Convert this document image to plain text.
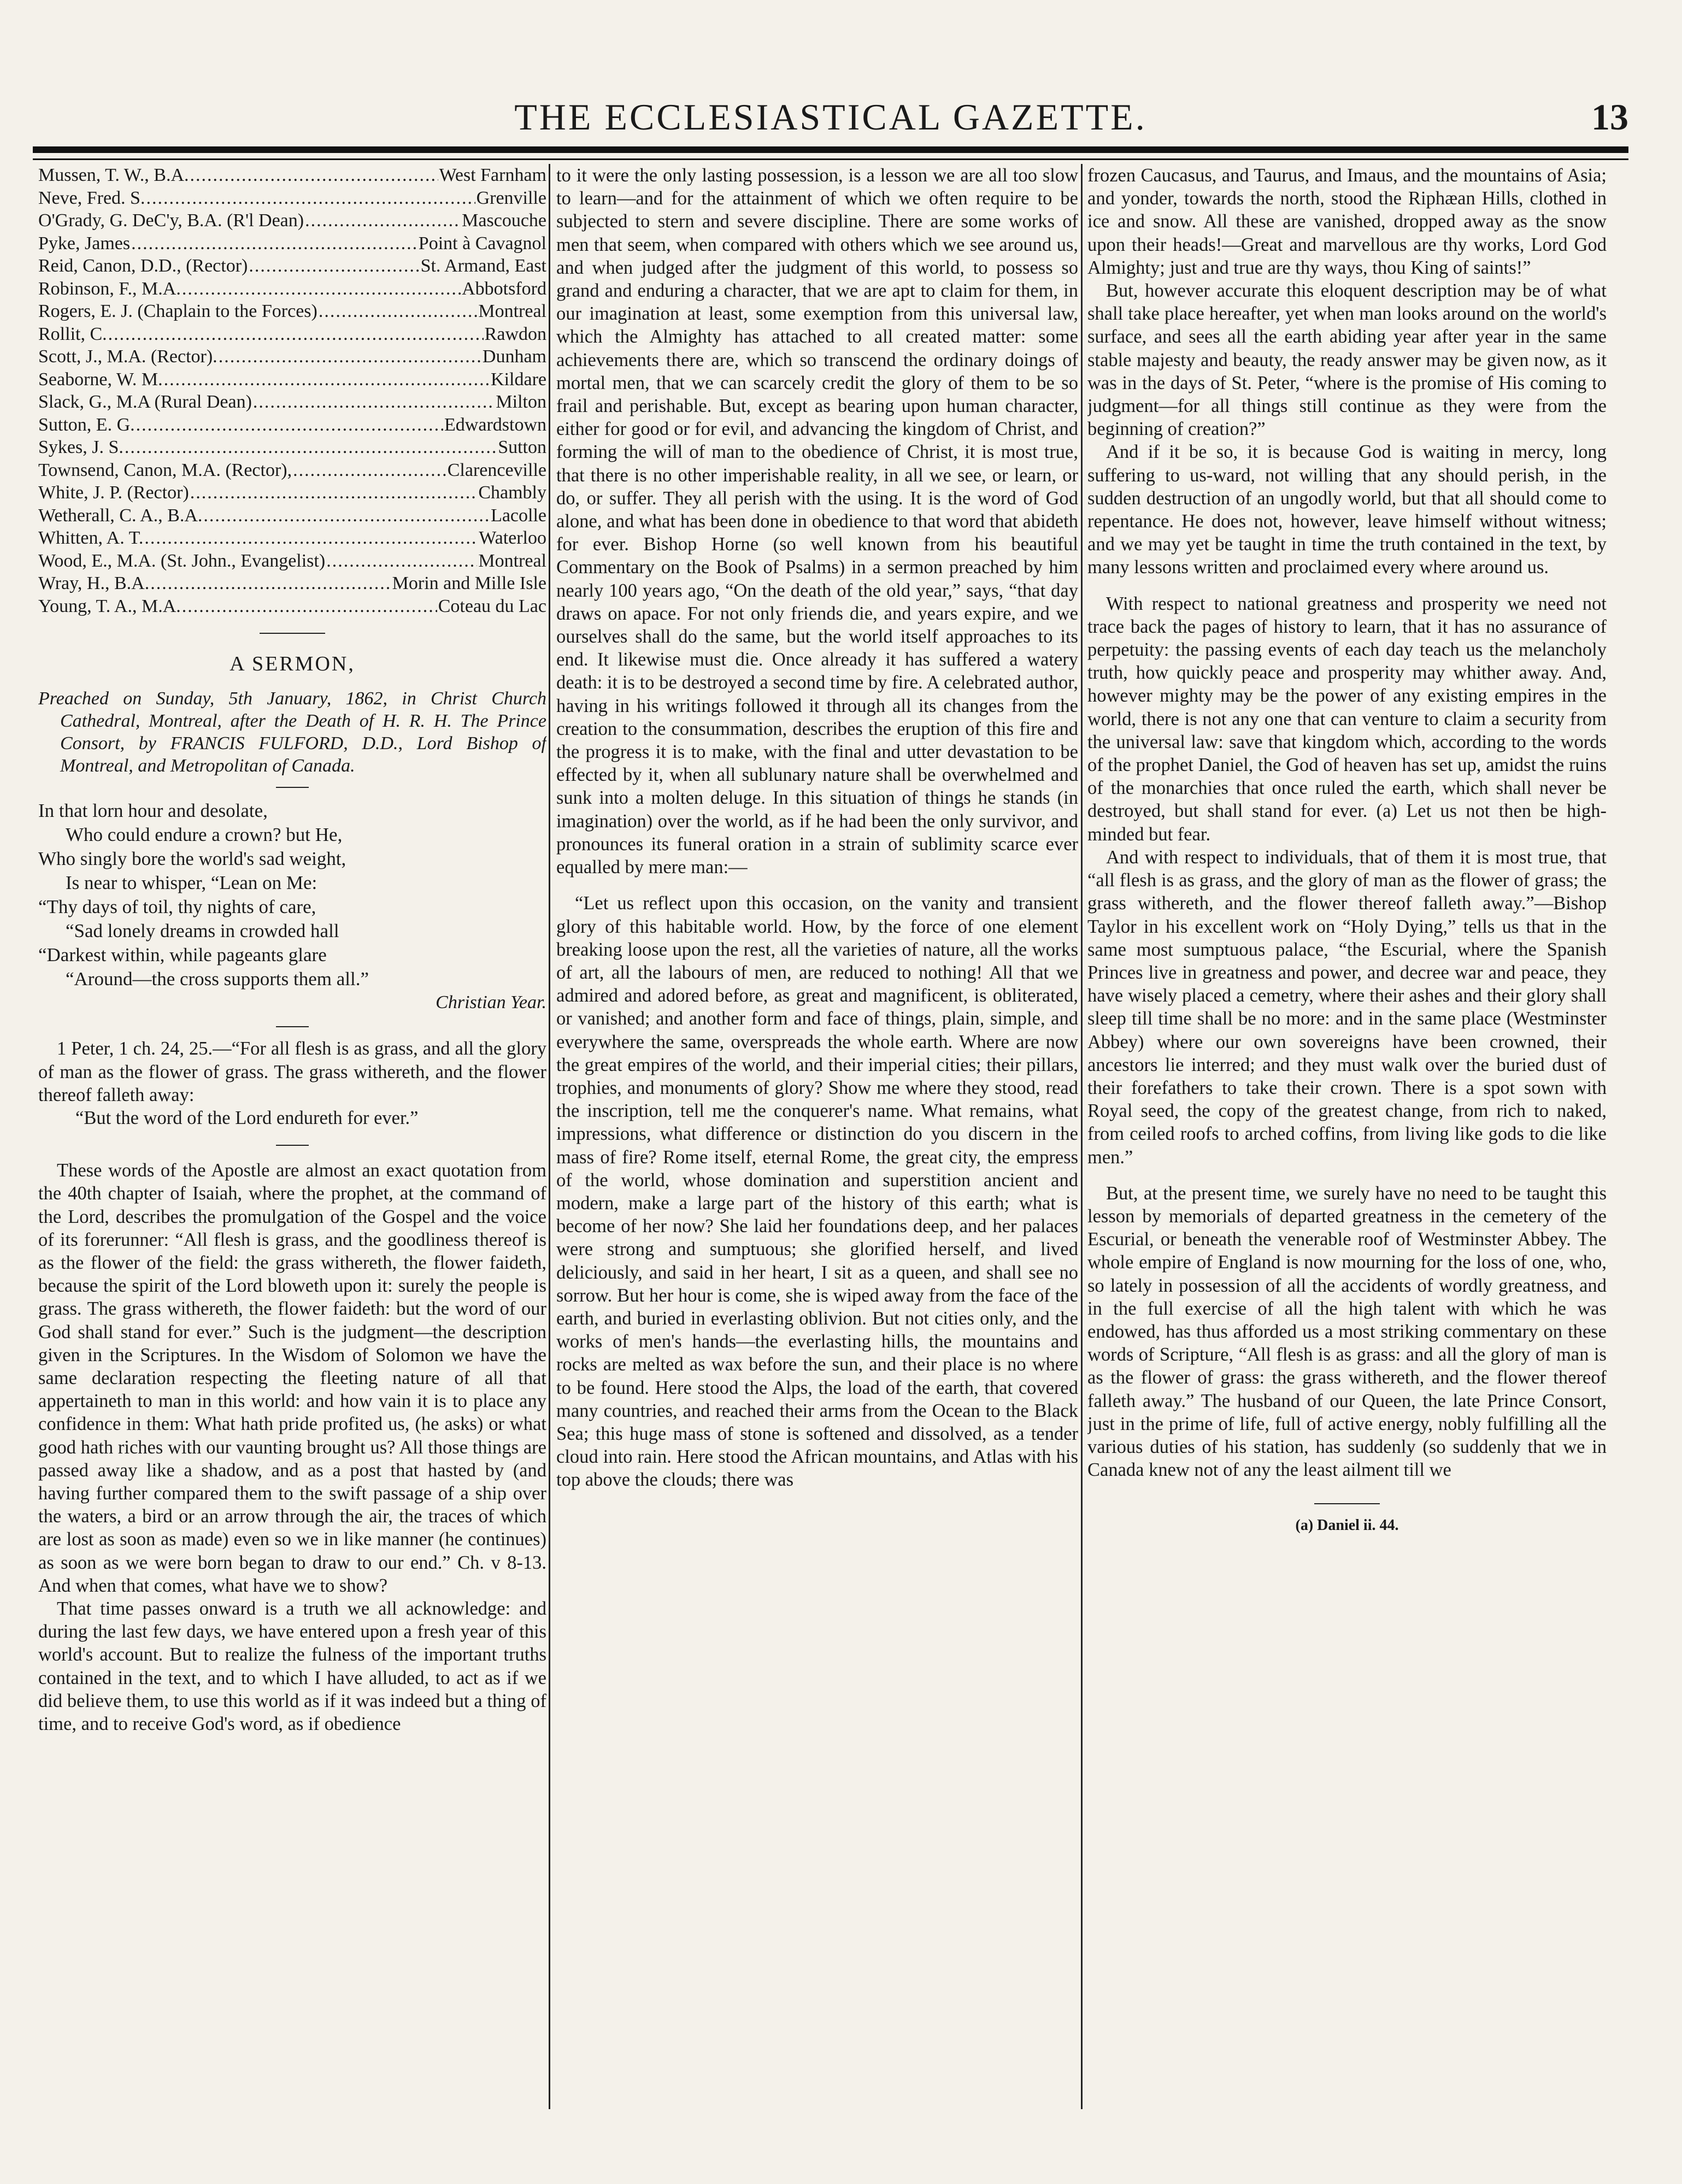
THE ECCLESIASTICAL GAZETTE.	13
Mussen, T. W., B.A. .....	West Farnham
Neve, Fred. S. .....	Grenville
O'Grady, G. DeC'y, B.A. (R'l Dean) .....	Mascouche
Pyke, James .....	Point à Cavagnol
Reid, Canon, D.D., (Rector) .....	St. Armand, East
Robinson, F., M.A. .....	Abbotsford
Rogers, E. J. (Chaplain to the Forces) .....	Montreal
Rollit, C. .....	Rawdon
Scott, J., M.A. (Rector). .....	Dunham
Seaborne, W. M. .....	Kildare
Slack, G., M.A (Rural Dean) .....	Milton
Sutton, E. G. .....	Edwardstown
Sykes, J. S. .....	Sutton
Townsend, Canon, M.A. (Rector), .....	Clarenceville
White, J. P. (Rector) .....	Chambly
Wetherall, C. A., B.A. .....	Lacolle
Whitten, A. T. .....	Waterloo
Wood, E., M.A. (St. John., Evangelist) .....	Montreal
Wray, H., B.A. .....	Morin and Mille Isle
Young, T. A., M.A. .....	Coteau du Lac
A SERMON,
Preached on Sunday, 5th January, 1862, in Christ Church Cathedral, Montreal, after the Death of H. R. H. The Prince Consort, by FRANCIS FULFORD, D.D., Lord Bishop of Montreal, and Metropolitan of Canada.
In that lorn hour and desolate,
Who could endure a crown? but He,
Who singly bore the world's sad weight,
Is near to whisper, “Lean on Me:
“Thy days of toil, thy nights of care,
“Sad lonely dreams in crowded hall
“Darkest within, while pageants glare
“Around—the cross supports them all.”
Christian Year.

1 Peter, 1 ch. 24, 25.—“For all flesh is as grass, and all the glory of man as the flower of grass. The grass withereth, and the flower thereof falleth away:

“But the word of the Lord endureth for ever.”

These words of the Apostle are almost an exact quotation from the 40th chapter of Isaiah, where the prophet, at the command of the Lord, describes the promulgation of the Gospel and the voice of its forerunner: “All flesh is grass, and the goodliness thereof is as the flower of the field: the grass withereth, the flower faideth, because the spirit of the Lord bloweth upon it: surely the people is grass. The grass withereth, the flower faideth: but the word of our God shall stand for ever.” Such is the judgment—the description given in the Scriptures. In the Wisdom of Solomon we have the same declaration respecting the fleeting nature of all that appertaineth to man in this world: and how vain it is to place any confidence in them: What hath pride profited us, (he asks) or what good hath riches with our vaunting brought us? All those things are passed away like a shadow, and as a post that hasted by (and having further compared them to the swift passage of a ship over the waters, a bird or an arrow through the air, the traces of which are lost as soon as made) even so we in like manner (he continues) as soon as we were born began to draw to our end.” Ch. v 8-13. And when that comes, what have we to show?

That time passes onward is a truth we all acknowledge: and during the last few days, we have entered upon a fresh year of this world's account. But to realize the fulness of the important truths contained in the text, and to which I have alluded, to act as if we did believe them, to use this world as if it was indeed but a thing of time, and to receive God's word, as if obedience

to it were the only lasting possession, is a lesson we are all too slow to learn—and for the attainment of which we often require to be subjected to stern and severe discipline. There are some works of men that seem, when compared with others which we see around us, and when judged after the judgment of this world, to possess so grand and enduring a character, that we are apt to claim for them, in our imagination at least, some exemption from this universal law, which the Almighty has attached to all created matter: some achievements there are, which so transcend the ordinary doings of mortal men, that we can scarcely credit the glory of them to be so frail and perishable. But, except as bearing upon human character, either for good or for evil, and advancing the kingdom of Christ, and forming the will of man to the obedience of Christ, it is most true, that there is no other imperishable reality, in all we see, or learn, or do, or suffer. They all perish with the using. It is the word of God alone, and what has been done in obedience to that word that abideth for ever. Bishop Horne (so well known from his beautiful Commentary on the Book of Psalms) in a sermon preached by him nearly 100 years ago, “On the death of the old year,” says, “that day draws on apace. For not only friends die, and years expire, and we ourselves shall do the same, but the world itself approaches to its end. It likewise must die. Once already it has suffered a watery death: it is to be destroyed a second time by fire. A celebrated author, having in his writings followed it through all its changes from the creation to the consummation, describes the eruption of this fire and the progress it is to make, with the final and utter devastation to be effected by it, when all sublunary nature shall be overwhelmed and sunk into a molten deluge. In this situation of things he stands (in imagination) over the world, as if he had been the only survivor, and pronounces its funeral oration in a strain of sublimity scarce ever equalled by mere man:—

“Let us reflect upon this occasion, on the vanity and transient glory of this habitable world. How, by the force of one element breaking loose upon the rest, all the varieties of nature, all the works of art, all the labours of men, are reduced to nothing! All that we admired and adored before, as great and magnificent, is obliterated, or vanished; and another form and face of things, plain, simple, and everywhere the same, overspreads the whole earth. Where are now the great empires of the world, and their imperial cities; their pillars, trophies, and monuments of glory? Show me where they stood, read the inscription, tell me the conquerer's name. What remains, what impressions, what difference or distinction do you discern in the mass of fire? Rome itself, eternal Rome, the great city, the empress of the world, whose domination and superstition ancient and modern, make a large part of the history of this earth; what is become of her now? She laid her foundations deep, and her palaces were strong and sumptuous; she glorified herself, and lived deliciously, and said in her heart, I sit as a queen, and shall see no sorrow. But her hour is come, she is wiped away from the face of the earth, and buried in everlasting oblivion. But not cities only, and the works of men's hands—the everlasting hills, the mountains and rocks are melted as wax before the sun, and their place is no where to be found. Here stood the Alps, the load of the earth, that covered many countries, and reached their arms from the Ocean to the Black Sea; this huge mass of stone is softened and dissolved, as a tender cloud into rain. Here stood the African mountains, and Atlas with his top above the clouds; there was

frozen Caucasus, and Taurus, and Imaus, and the mountains of Asia; and yonder, towards the north, stood the Riphæan Hills, clothed in ice and snow. All these are vanished, dropped away as the snow upon their heads!—Great and marvellous are thy works, Lord God Almighty; just and true are thy ways, thou King of saints!”

But, however accurate this eloquent description may be of what shall take place hereafter, yet when man looks around on the world's surface, and sees all the earth abiding year after year in the same stable majesty and beauty, the ready answer may be given now, as it was in the days of St. Peter, “where is the promise of His coming to judgment—for all things still continue as they were from the beginning of creation?”

And if it be so, it is because God is waiting in mercy, long suffering to us-ward, not willing that any should perish, in the sudden destruction of an ungodly world, but that all should come to repentance. He does not, however, leave himself without witness; and we may yet be taught in time the truth contained in the text, by many lessons written and proclaimed every where around us.

With respect to national greatness and prosperity we need not trace back the pages of history to learn, that it has no assurance of perpetuity: the passing events of each day teach us the melancholy truth, how quickly peace and prosperity may whither away. And, however mighty may be the power of any existing empires in the world, there is not any one that can venture to claim a security from the universal law: save that kingdom which, according to the words of the prophet Daniel, the God of heaven has set up, amidst the ruins of the monarchies that once ruled the earth, which shall never be destroyed, but shall stand for ever. (a) Let us not then be high-minded but fear.

And with respect to individuals, that of them it is most true, that “all flesh is as grass, and the glory of man as the flower of grass; the grass withereth, and the flower thereof falleth away.”—Bishop Taylor in his excellent work on “Holy Dying,” tells us that in the same most sumptuous palace, “the Escurial, where the Spanish Princes live in greatness and power, and decree war and peace, they have wisely placed a cemetry, where their ashes and their glory shall sleep till time shall be no more: and in the same place (Westminster Abbey) where our own sovereigns have been crowned, their ancestors lie interred; and they must walk over the buried dust of their forefathers to take their crown. There is a spot sown with Royal seed, the copy of the greatest change, from rich to naked, from ceiled roofs to arched coffins, from living like gods to die like men.”

But, at the present time, we surely have no need to be taught this lesson by memorials of departed greatness in the cemetery of the Escurial, or beneath the venerable roof of Westminster Abbey. The whole empire of England is now mourning for the loss of one, who, so lately in possession of all the accidents of wordly greatness, and in the full exercise of all the high talent with which he was endowed, has thus afforded us a most striking commentary on these words of Scripture, “All flesh is as grass: and all the glory of man is as the flower of grass: the grass withereth, and the flower thereof falleth away.” The husband of our Queen, the late Prince Consort, just in the prime of life, full of active energy, nobly fulfilling all the various duties of his station, has suddenly (so suddenly that we in Canada knew not of any the least ailment till we

(a) Daniel ii. 44.
